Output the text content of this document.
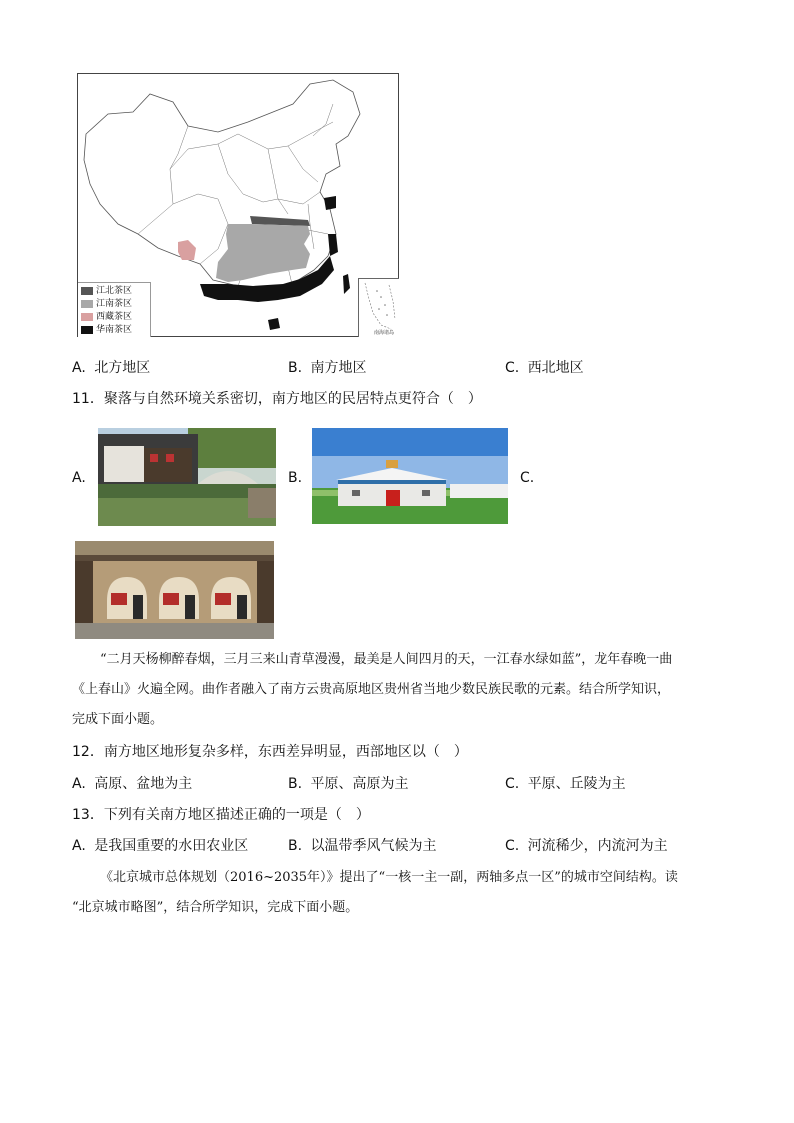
江北茶区
江南茶区
西藏茶区
华南茶区	南海诸岛
A. 北方地区	B. 南方地区	C. 西北地区
11．聚落与自然环境关系密切，南方地区的民居特点更符合（　）
A.	B.	C.
“二月天杨柳醉春烟，三月三来山青草漫漫，最美是人间四月的天，一江春水绿如蓝”，龙年春晚一曲
《上春山》火遍全网。曲作者融入了南方云贵高原地区贵州省当地少数民族民歌的元素。结合所学知识，
完成下面小题。
12．南方地区地形复杂多样，东西差异明显，西部地区以（　）
A. 高原、盆地为主	B. 平原、高原为主	C. 平原、丘陵为主
13．下列有关南方地区描述正确的一项是（　）
A. 是我国重要的水田农业区	B. 以温带季风气候为主	C. 河流稀少，内流河为主
《北京城市总体规划（2016~2035年）》提出了“一核一主一副，两轴多点一区”的城市空间结构。读
“北京城市略图”，结合所学知识，完成下面小题。
